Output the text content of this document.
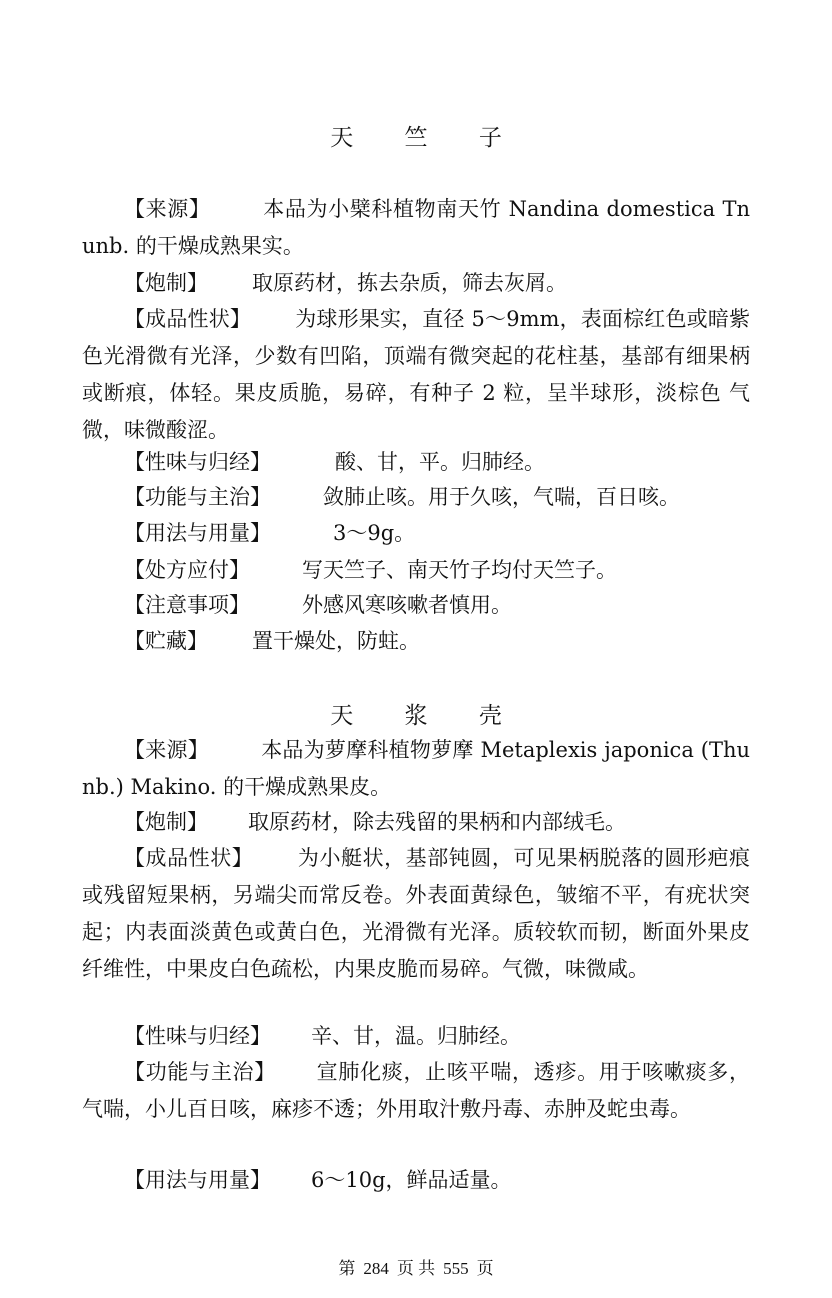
天 竺 子
【来源】 本品为小檗科植物南天竹 Nandina domestica Tnunb. 的干燥成熟果实。
【炮制】 取原药材，拣去杂质，筛去灰屑。
【成品性状】 为球形果实，直径 5～9mm，表面棕红色或暗紫色光滑微有光泽，少数有凹陷，顶端有微突起的花柱基，基部有细果柄或断痕，体轻。果皮质脆，易碎，有种子 2 粒，呈半球形，淡棕色 气微，味微酸涩。
【性味与归经】	酸、甘，平。归肺经。
【功能与主治】 敛肺止咳。用于久咳，气喘，百日咳。
【用法与用量】	3～9g。
【处方应付】 写天竺子、南天竹子均付天竺子。
【注意事项】 外感风寒咳嗽者慎用。
【贮藏】 置干燥处，防蛀。
天 浆 壳
【来源】 本品为萝摩科植物萝摩 Metaplexis japonica (Thunb.) Makino. 的干燥成熟果皮。
【炮制】 取原药材，除去残留的果柄和内部绒毛。
【成品性状】 为小艇状，基部钝圆，可见果柄脱落的圆形疤痕或残留短果柄，另端尖而常反卷。外表面黄绿色，皱缩不平，有疣状突起；内表面淡黄色或黄白色，光滑微有光泽。质较软而韧，断面外果皮纤维性，中果皮白色疏松，内果皮脆而易碎。气微，味微咸。
【性味与归经】 辛、甘，温。归肺经。
【功能与主治】 宣肺化痰，止咳平喘，透疹。用于咳嗽痰多，气喘，小儿百日咳，麻疹不透；外用取汁敷丹毒、赤肿及蛇虫毒。
【用法与用量】 6～10g，鲜品适量。
第 284 页 共 555 页
